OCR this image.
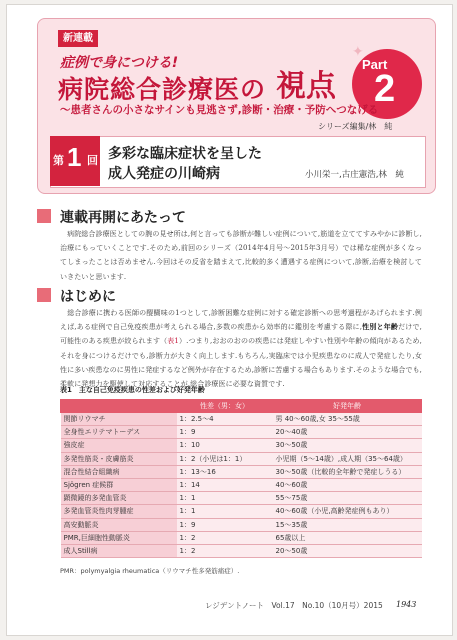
新連載
症例で身につける!
病院総合診療医の 視点
✦
Part
2
〜患者さんの小さなサインも見逃さず,診断・治療・予防へつなげる
シリーズ編集/林　純
第 1 回 多彩な臨床症状を呈した
成人発症の川崎病	小川栄一,古庄憲浩,林　純
連載再開にあたって
　病院総合診療医としての腕の見せ所は,何と言っても診断が難しい症例について,筋道を立ててすみやかに診断し,治療にもっていくことです.そのため,前回のシリーズ（2014年4月号〜2015年3月号）では稀な症例が多くなってしまったことは否めません.今回はその反省を踏まえて,比較的多く遭遇する症例について,診断,治療を検討していきたいと思います.
はじめに
　総合診療に携わる医師の醍醐味の1つとして,診断困難な症例に対する確定診断への思考過程があげられます.例えば,ある症例で自己免疫疾患が考えられる場合,多数の疾患から効率的に鑑別を考慮する際に,性別と年齢だけで,可能性のある疾患が絞られます（表1）.つまり,おおのおのの疾患には発症しやすい性別や年齢の傾向があるため,それを身につけるだけでも,診断力が大きく向上します.もちろん,実臨床では小児疾患なのに成人で発症したり,女性に多い疾患なのに男性に発症するなど例外が存在するため,診断に苦慮する場合もあります.そのような場合でも,柔軟に発想力を駆使して対応することが,総合診療医に必要な資質です.
表1　主な自己免疫疾患の性差および好発年齢
	性差（男：女）	好発年齢
関節リウマチ	1：2.5〜4	男 40〜60歳,女 35〜55歳
全身性エリテマトーデス	1：9	20〜40歳
強皮症	1：10	30〜50歳
多発性筋炎・皮膚筋炎	1：2（小児は1：1）	小児期（5〜14歳）,成人期（35〜64歳）
混合性結合組織病	1：13〜16	30〜50歳（比較的全年齢で発症しうる）
Sjögren 症候群	1：14	40〜60歳
顕微鏡的多発血管炎	1：1	55〜75歳
多発血管炎性肉芽腫症	1：1	40〜60歳（小児,高齢発症例もあり）
高安動脈炎	1：9	15〜35歳
PMR,巨細胞性動脈炎	1：2	65歳以上
成人Still病	1：2	20〜50歳
PMR：polymyalgia rheumatica（リウマチ性多発筋痛症）.
レジデントノート　Vol.17　No.10（10月号）2015 1943
